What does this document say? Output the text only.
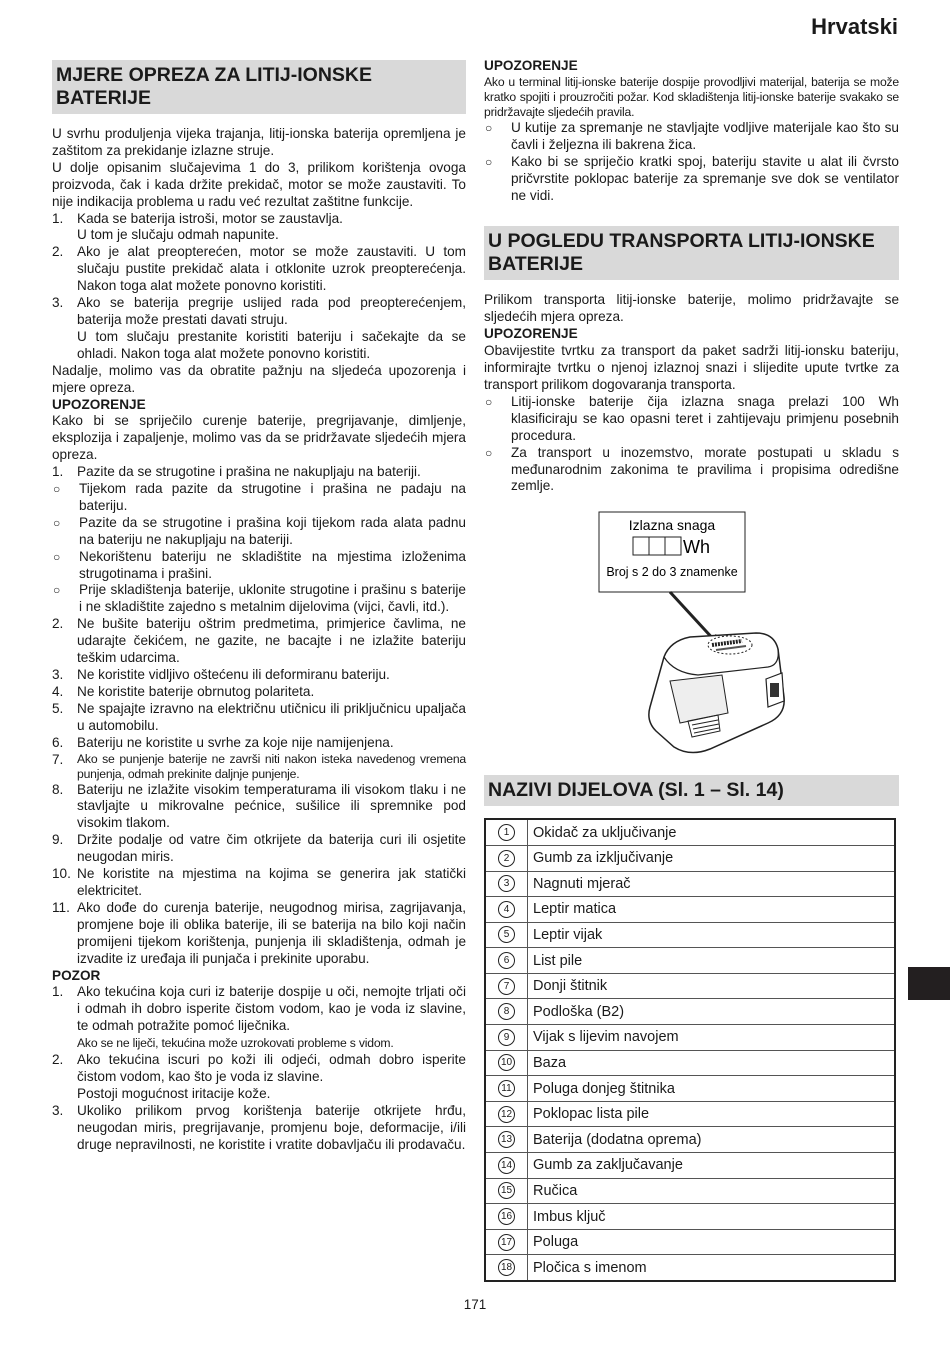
Hrvatski
MJERE OPREZA ZA LITIJ-IONSKE BATERIJE

U svrhu produljenja vijeka trajanja, litij-ionska baterija opremljena je zaštitom za prekidanje izlazne struje.

U dolje opisanim slučajevima 1 do 3, prilikom korištenja ovoga proizvoda, čak i kada držite prekidač, motor se može zaustaviti. To nije indikacija problema u radu već rezultat zaštitne funkcije.

1.	Kada se baterija istroši, motor se zaustavlja.
U tom je slučaju odmah napunite.
2.	Ako je alat preopterećen, motor se može zaustaviti. U tom slučaju pustite prekidač alata i otklonite uzrok preopterećenja. Nakon toga alat možete ponovno koristiti.
3.	Ako se baterija pregrije uslijed rada pod preopterećenjem, baterija može prestati davati struju.
U tom slučaju prestanite koristiti bateriju i sačekajte da se ohladi. Nakon toga alat možete ponovno koristiti.

Nadalje, molimo vas da obratite pažnju na sljedeća upozorenja i mjere opreza.

UPOZORENJE

Kako bi se spriječilo curenje baterije, pregrijavanje, dimljenje, eksplozija i zapaljenje, molimo vas da se pridržavate sljedećih mjera opreza.

1.	Pazite da se strugotine i prašina ne nakupljaju na bateriji.
○	Tijekom rada pazite da strugotine i prašina ne padaju na bateriju.
○	Pazite da se strugotine i prašina koji tijekom rada alata padnu na bateriju ne nakupljaju na bateriji.
○	Nekorištenu bateriju ne skladištite na mjestima izloženima strugotinama i prašini.
○	Prije skladištenja baterije, uklonite strugotine i prašinu s baterije i ne skladištite zajedno s metalnim dijelovima (vijci, čavli, itd.).
2.	Ne bušite bateriju oštrim predmetima, primjerice čavlima, ne udarajte čekićem, ne gazite, ne bacajte i ne izlažite bateriju teškim udarcima.
3.	Ne koristite vidljivo oštećenu ili deformiranu bateriju.
4.	Ne koristite baterije obrnutog polariteta.
5.	Ne spajajte izravno na električnu utičnicu ili priključnicu upaljača u automobilu.
6.	Bateriju ne koristite u svrhe za koje nije namijenjena.
7.	Ako se punjenje baterije ne završi niti nakon isteka navedenog vremena punjenja, odmah prekinite daljnje punjenje.
8.	Bateriju ne izlažite visokim temperaturama ili visokom tlaku i ne stavljajte u mikrovalne pećnice, sušilice ili spremnike pod visokim tlakom.
9.	Držite podalje od vatre čim otkrijete da baterija curi ili osjetite neugodan miris.
10. Ne koristite na mjestima na kojima se generira jak statički elektricitet.
11. Ako dođe do curenja baterije, neugodnog mirisa, zagrijavanja, promjene boje ili oblika baterije, ili se baterija na bilo koji način promijeni tijekom korištenja, punjenja ili skladištenja, odmah je izvadite iz uređaja ili punjača i prekinite uporabu.

POZOR

1.	Ako tekućina koja curi iz baterije dospije u oči, nemojte trljati oči i odmah ih dobro isperite čistom vodom, kao je voda iz slavine, te odmah potražite pomoć liječnika.
Ako se ne liječi, tekućina može uzrokovati probleme s vidom.
2.	Ako tekućina iscuri po koži ili odjeći, odmah dobro isperite čistom vodom, kao što je voda iz slavine.
Postoji mogućnost iritacije kože.
3.	Ukoliko prilikom prvog korištenja baterije otkrijete hrđu, neugodan miris, pregrijavanje, promjenu boje, deformacije, i/ili druge nepravilnosti, ne koristite i vratite dobavljaču ili prodavaču.

UPOZORENJE

Ako u terminal litij-ionske baterije dospije provodljivi materijal, baterija se može kratko spojiti i prouzročiti požar. Kod skladištenja litij-ionske baterije svakako se pridržavajte sljedećih pravila.

○	U kutije za spremanje ne stavljajte vodljive materijale kao što su čavli i željezna ili bakrena žica.
○	Kako bi se spriječio kratki spoj, bateriju stavite u alat ili čvrsto pričvrstite poklopac baterije za spremanje sve dok se ventilator ne vidi.
U POGLEDU TRANSPORTA LITIJ-IONSKE BATERIJE

Prilikom transporta litij-ionske baterije, molimo pridržavajte se sljedećih mjera opreza.

UPOZORENJE

Obavijestite tvrtku za transport da paket sadrži litij-ionsku bateriju, informirajte tvrtku o njenoj izlaznoj snazi i slijedite upute tvrtke za transport prilikom dogovaranja transporta.

○	Litij-ionske baterije čija izlazna snaga prelazi 100 Wh klasificiraju se kao opasni teret i zahtijevaju primjenu posebnih procedura.
○	Za transport u inozemstvo, morate postupati u skladu s međunarodnim zakonima te pravilima i propisima odredišne zemlje.
Izlazna snaga
Wh
Broj s 2 do 3 znamenke
NAZIVI DIJELOVA (Sl. 1 – Sl. 14)
1	Okidač za uključivanje
2	Gumb za izključivanje
3	Nagnuti mjerač
4	Leptir matica
5	Leptir vijak
6	List pile
7	Donji štitnik
8	Podloška (B2)
9	Vijak s lijevim navojem
10	Baza
11	Poluga donjeg štitnika
12	Poklopac lista pile
13	Baterija (dodatna oprema)
14	Gumb za zaključavanje
15	Ručica
16	Imbus ključ
17	Poluga
18	Pločica s imenom
171
